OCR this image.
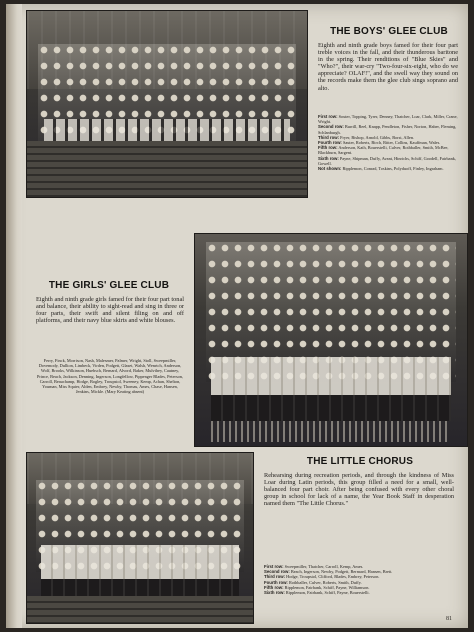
THE BOYS' GLEE CLUB
Eighth and ninth grade boys famed for their four part treble voices in the fall, and their thunderous baritone in the spring. Their renditions of "Blue Skies" and "Who?", their war-cry "Two-four-six-eight, who do we appreciate? OLAF!", and the swell way they sound on the records make them the glee club sings soprano and alto.
First row: Souter, Topping, Tyrer, Denney, Thatcher, Loar, Clark, Miller, Crane, Wright.
Second row: Burrill, Reel, Knapp, Pendleton, Fisher, Norton, Haber, Fleming, Schlanburgh.
Third row: Fryer, Bishop, Arnold, Gibbs, Borst, Allen.
Fourth row: Sauter, Roberts, Birch, Ritter, Collins, Kauffman, Wales.
Fifth row: Anderson, Kath, Bouerstelli, Culver, Rothballer, Smith, McBee, Blackburn, Sargent.
Sixth row: Payne, Shipman, Duffy, Avant, Hinrichs, Schiff, Goodell, Fairbank, Gowell.
Not shown: Ripplemon, Conrad, Toskins, Polyduoff, Finley, Ingraham.
THE GIRLS' GLEE CLUB
Eighth and ninth grade girls famed for their four part tonal and balance, their ability to sight-read and sing in three or four parts, their swift and silent filing on and off platforms, and their navy blue skirts and white blouses.
Ferry, Finck, Morrison, Nash, Malesmer, Palmer, Wright, Stoll, Sweepmiller, Dovemody, Dullion, Limbeck, Virden, Podgett, Glaset, Walsh, Wenrtch, Anderson, Wolf, Brooks, Wilkinson, Huebsch, Bernard, Alvord, Baker, Mulvihey, Cautney, Prince, Beach, Jackson, Denning, Ingerson, Longfellow, Pippenger Blades, Peterson, Carroll, Beauchamp, Hodge, Bogley, Troupstol, Sweeney, Kemp, Achan, Shelton, Youman, Miss Squier, Alden, Embrey, Newby, Thomas, Ames, Chase, Hansen, Jenkins, Mickle. (Mary Keating absent)
THE LITTLE CHORUS
Rehearsing during recreation periods, and through the kindness of Miss Loar during Latin periods, this group filled a need for a small, well-balanced four part choir. After being confused with every other choral group in school for lack of a name, the Year Book Staff in desperation named them "The Little Chorus."
First row: Sweepmiller, Thatcher, Carroll, Kemp, Ames.
Second row: Beach, Ingerson, Newby, Podgett, Bermard, Hansen, Brett.
Third row: Hodge, Troupstol, Clifford, Blades, Embrey, Peterson.
Fourth row: Rothballer, Culver, Roberts, Smith, Duffy.
Fifth row: Ripplemon, Fairbank, Schiff, Payne, Williamson.
Sixth row: Ripplemon, Fairbank, Schiff, Payne, Bouerstelli.
81
